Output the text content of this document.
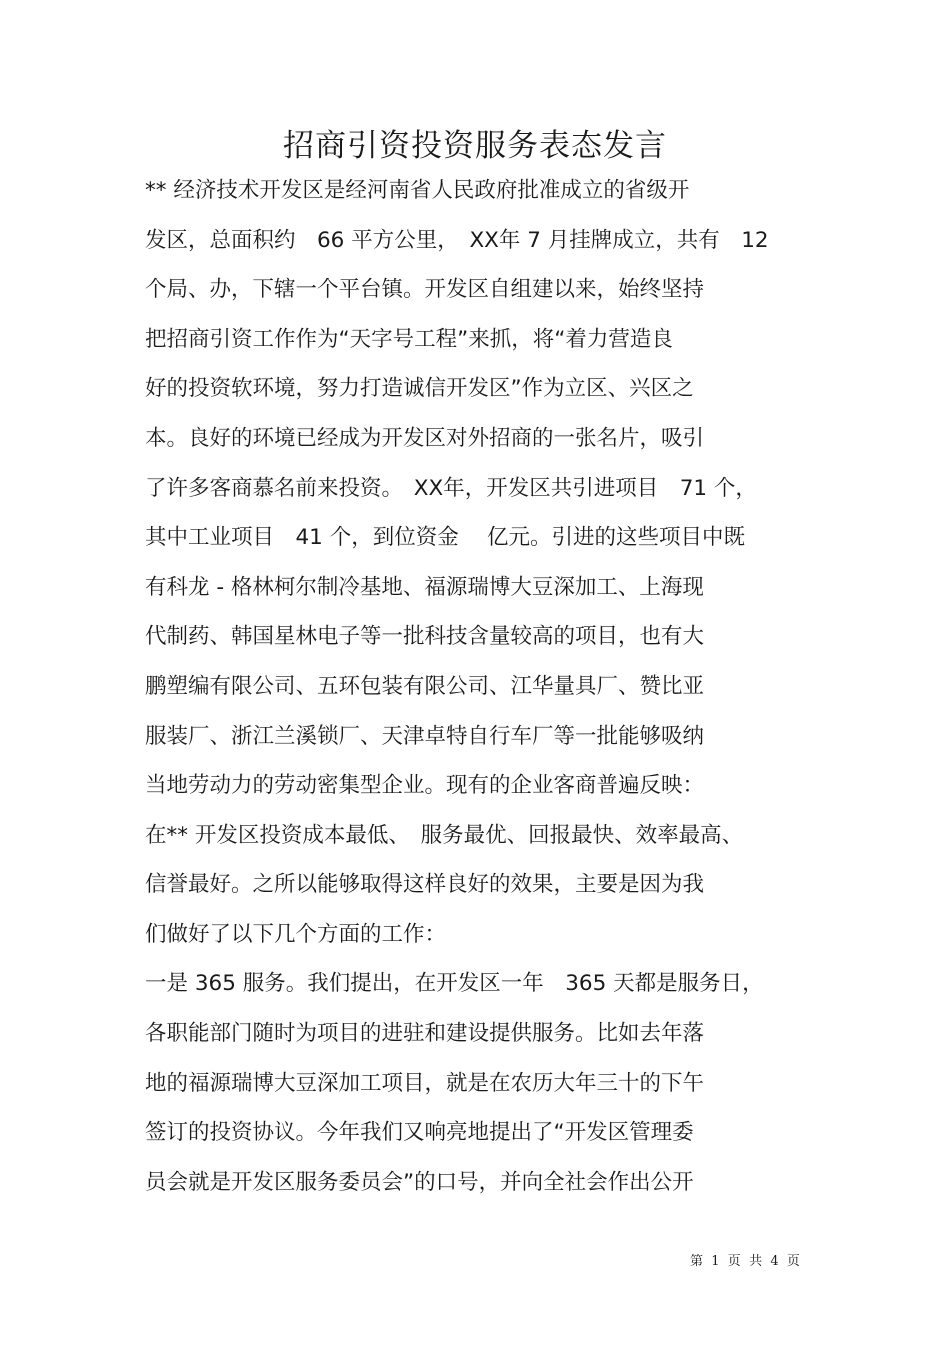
招商引资投资服务表态发言
** 经济技术开发区是经河南省人民政府批准成立的省级开
发区，总面积约　66 平方公里，　XX年 7 月挂牌成立，共有　12
个局、办，下辖一个平台镇。开发区自组建以来，始终坚持
把招商引资工作作为“天字号工程”来抓，将“着力营造良
好的投资软环境，努力打造诚信开发区”作为立区、兴区之
本。良好的环境已经成为开发区对外招商的一张名片，吸引
了许多客商慕名前来投资。　XX年，开发区共引进项目　71 个，
其中工业项目　41 个，到位资金　 亿元。引进的这些项目中既
有科龙 - 格林柯尔制冷基地、福源瑞博大豆深加工、上海现
代制药、韩国星林电子等一批科技含量较高的项目，也有大
鹏塑编有限公司、五环包装有限公司、江华量具厂、赞比亚
服装厂、浙江兰溪锁厂、天津卓特自行车厂等一批能够吸纳
当地劳动力的劳动密集型企业。现有的企业客商普遍反映：
在** 开发区投资成本最低、　服务最优、回报最快、效率最高、
信誉最好。之所以能够取得这样良好的效果，主要是因为我
们做好了以下几个方面的工作：
一是 365 服务。我们提出，在开发区一年　365 天都是服务日，
各职能部门随时为项目的进驻和建设提供服务。比如去年落
地的福源瑞博大豆深加工项目，就是在农历大年三十的下午
签订的投资协议。今年我们又响亮地提出了“开发区管理委
员会就是开发区服务委员会”的口号，并向全社会作出公开
第  1  页  共  4  页
